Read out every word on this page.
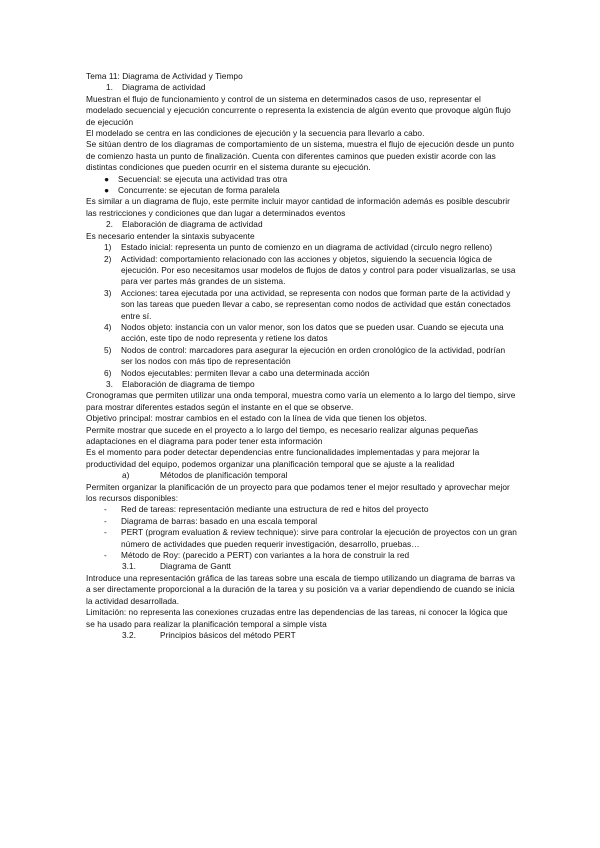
Tema 11: Diagrama de Actividad y Tiempo

1.	Diagrama de actividad

Muestran el flujo de funcionamiento y control de un sistema en determinados casos de uso, representar el modelado secuencial y ejecución concurrente o representa la existencia de algún evento que provoque algún flujo de ejecución

El modelado se centra en las condiciones de ejecución y la secuencia para llevarlo a cabo.

Se sitúan dentro de los diagramas de comportamiento de un sistema, muestra el flujo de ejecución desde un punto de comienzo hasta un punto de finalización. Cuenta con diferentes caminos que pueden existir acorde con las distintas condiciones que pueden ocurrir en el sistema durante su ejecución.

●	Secuencial: se ejecuta una actividad tras otra
●	Concurrente: se ejecutan de forma paralela

Es similar a un diagrama de flujo, este permite incluir mayor cantidad de información además es posible descubrir las restricciones y condiciones que dan lugar a determinados eventos

2.	Elaboración de diagrama de actividad

Es necesario entender la sintaxis subyacente

1)	Estado inicial: representa un punto de comienzo en un diagrama de actividad (circulo negro relleno)
2)	Actividad: comportamiento relacionado con las acciones y objetos, siguiendo la secuencia lógica de ejecución. Por eso necesitamos usar modelos de flujos de datos y control para poder visualizarlas, se usa para ver partes más grandes de un sistema.
3)	Acciones: tarea ejecutada por una actividad, se representa con nodos que forman parte de la actividad y son las tareas que pueden llevar a cabo, se representan como nodos de actividad que están conectados entre sí.
4)	Nodos objeto: instancia con un valor menor, son los datos que se pueden usar. Cuando se ejecuta una acción, este tipo de nodo representa y retiene los datos
5)	Nodos de control: marcadores para asegurar la ejecución en orden cronológico de la actividad, podrían ser los nodos con más tipo de representación
6)	Nodos ejecutables: permiten llevar a cabo una determinada acción
3.	Elaboración de diagrama de tiempo

Cronogramas que permiten utilizar una onda temporal, muestra como varía un elemento a lo largo del tiempo, sirve para mostrar diferentes estados según el instante en el que se observe.

Objetivo principal: mostrar cambios en el estado con la línea de vida que tienen los objetos.

Permite mostrar que sucede en el proyecto a lo largo del tiempo, es necesario realizar algunas pequeñas adaptaciones en el diagrama para poder tener esta información

Es el momento para poder detectar dependencias entre funcionalidades implementadas y para mejorar la productividad del equipo, podemos organizar una planificación temporal que se ajuste a la realidad

a)	Métodos de planificación temporal

Permiten organizar la planificación de un proyecto para que podamos tener el mejor resultado y aprovechar mejor los recursos disponibles:

-	Red de tareas: representación mediante una estructura de red e hitos del proyecto
-	Diagrama de barras: basado en una escala temporal
-	PERT (program evaluation & review technique): sirve para controlar la ejecución de proyectos con un gran número de actividades que pueden requerir investigación, desarrollo, pruebas…
-	Método de Roy: (parecido a PERT) con variantes a la hora de construir la red
3.1.	Diagrama de Gantt

Introduce una representación gráfica de las tareas sobre una escala de tiempo utilizando un diagrama de barras va a ser directamente proporcional a la duración de la tarea y su posición va a variar dependiendo de cuando se inicia la actividad desarrollada.

Limitación: no representa las conexiones cruzadas entre las dependencias de las tareas, ni conocer la lógica que se ha usado para realizar la planificación temporal a simple vista

3.2.	Principios básicos del método PERT
